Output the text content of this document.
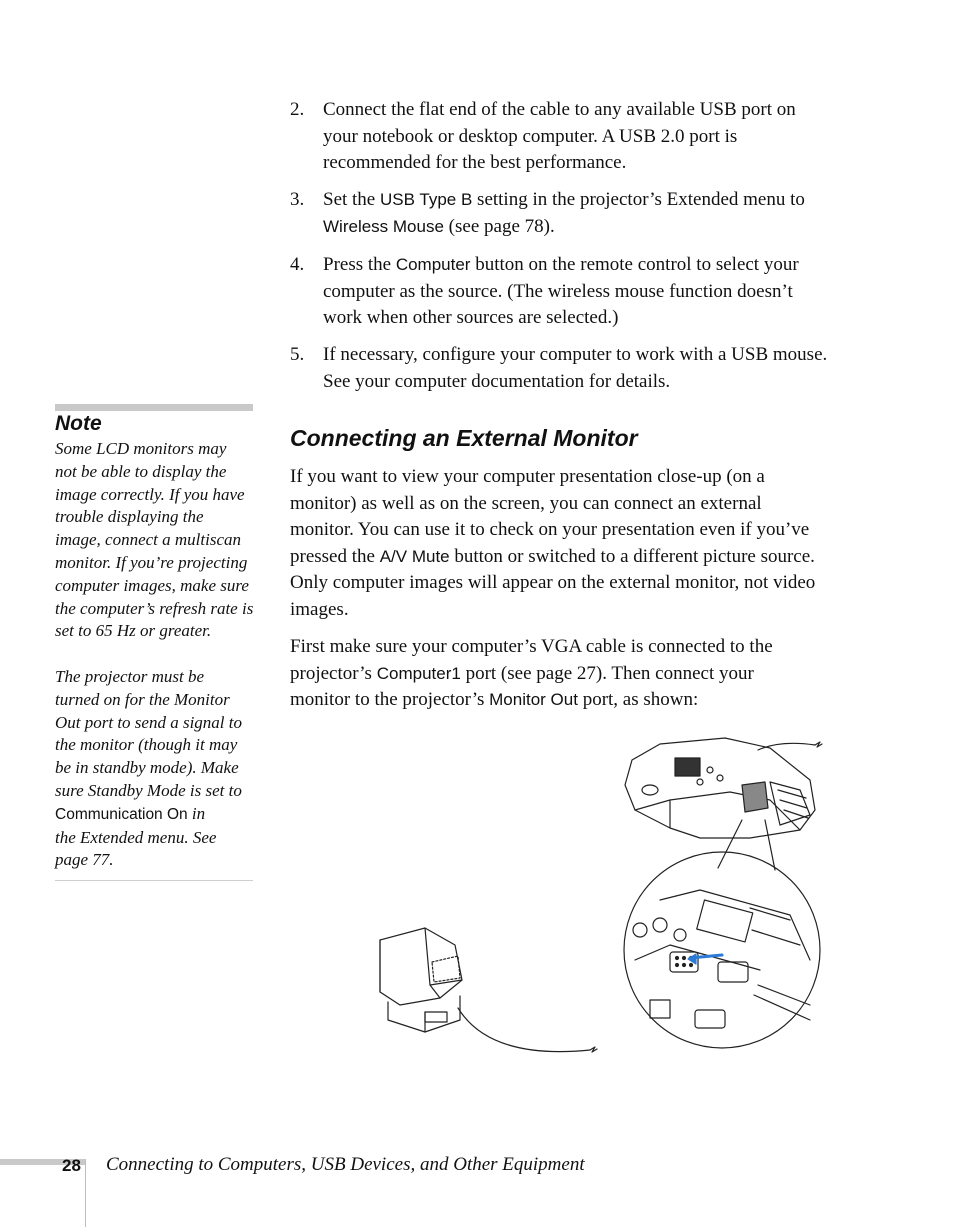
2. Connect the flat end of the cable to any available USB port on
your notebook or desktop computer. A USB 2.0 port is
recommended for the best performance.
3. Set the USB Type B setting in the projector’s Extended menu to
Wireless Mouse (see page 78).
4. Press the Computer button on the remote control to select your
computer as the source. (The wireless mouse function doesn’t
work when other sources are selected.)
5. If necessary, configure your computer to work with a USB mouse.
See your computer documentation for details.
Note
Some LCD monitors may
not be able to display the
image correctly. If you have
trouble displaying the
image, connect a multiscan
monitor. If you’re projecting
computer images, make sure
the computer’s refresh rate is
set to 65 Hz or greater.
The projector must be
turned on for the Monitor
Out port to send a signal to
the monitor (though it may
be in standby mode). Make
sure Standby Mode is set to
Communication On in
the Extended menu. See
page 77.
Connecting an External Monitor
If you want to view your computer presentation close-up (on a
monitor) as well as on the screen, you can connect an external
monitor. You can use it to check on your presentation even if you’ve
pressed the A/V Mute button or switched to a different picture source.
Only computer images will appear on the external monitor, not video
images.
First make sure your computer’s VGA cable is connected to the
projector’s Computer1 port (see page 27). Then connect your
monitor to the projector’s Monitor Out port, as shown:
28 Connecting to Computers, USB Devices, and Other Equipment
